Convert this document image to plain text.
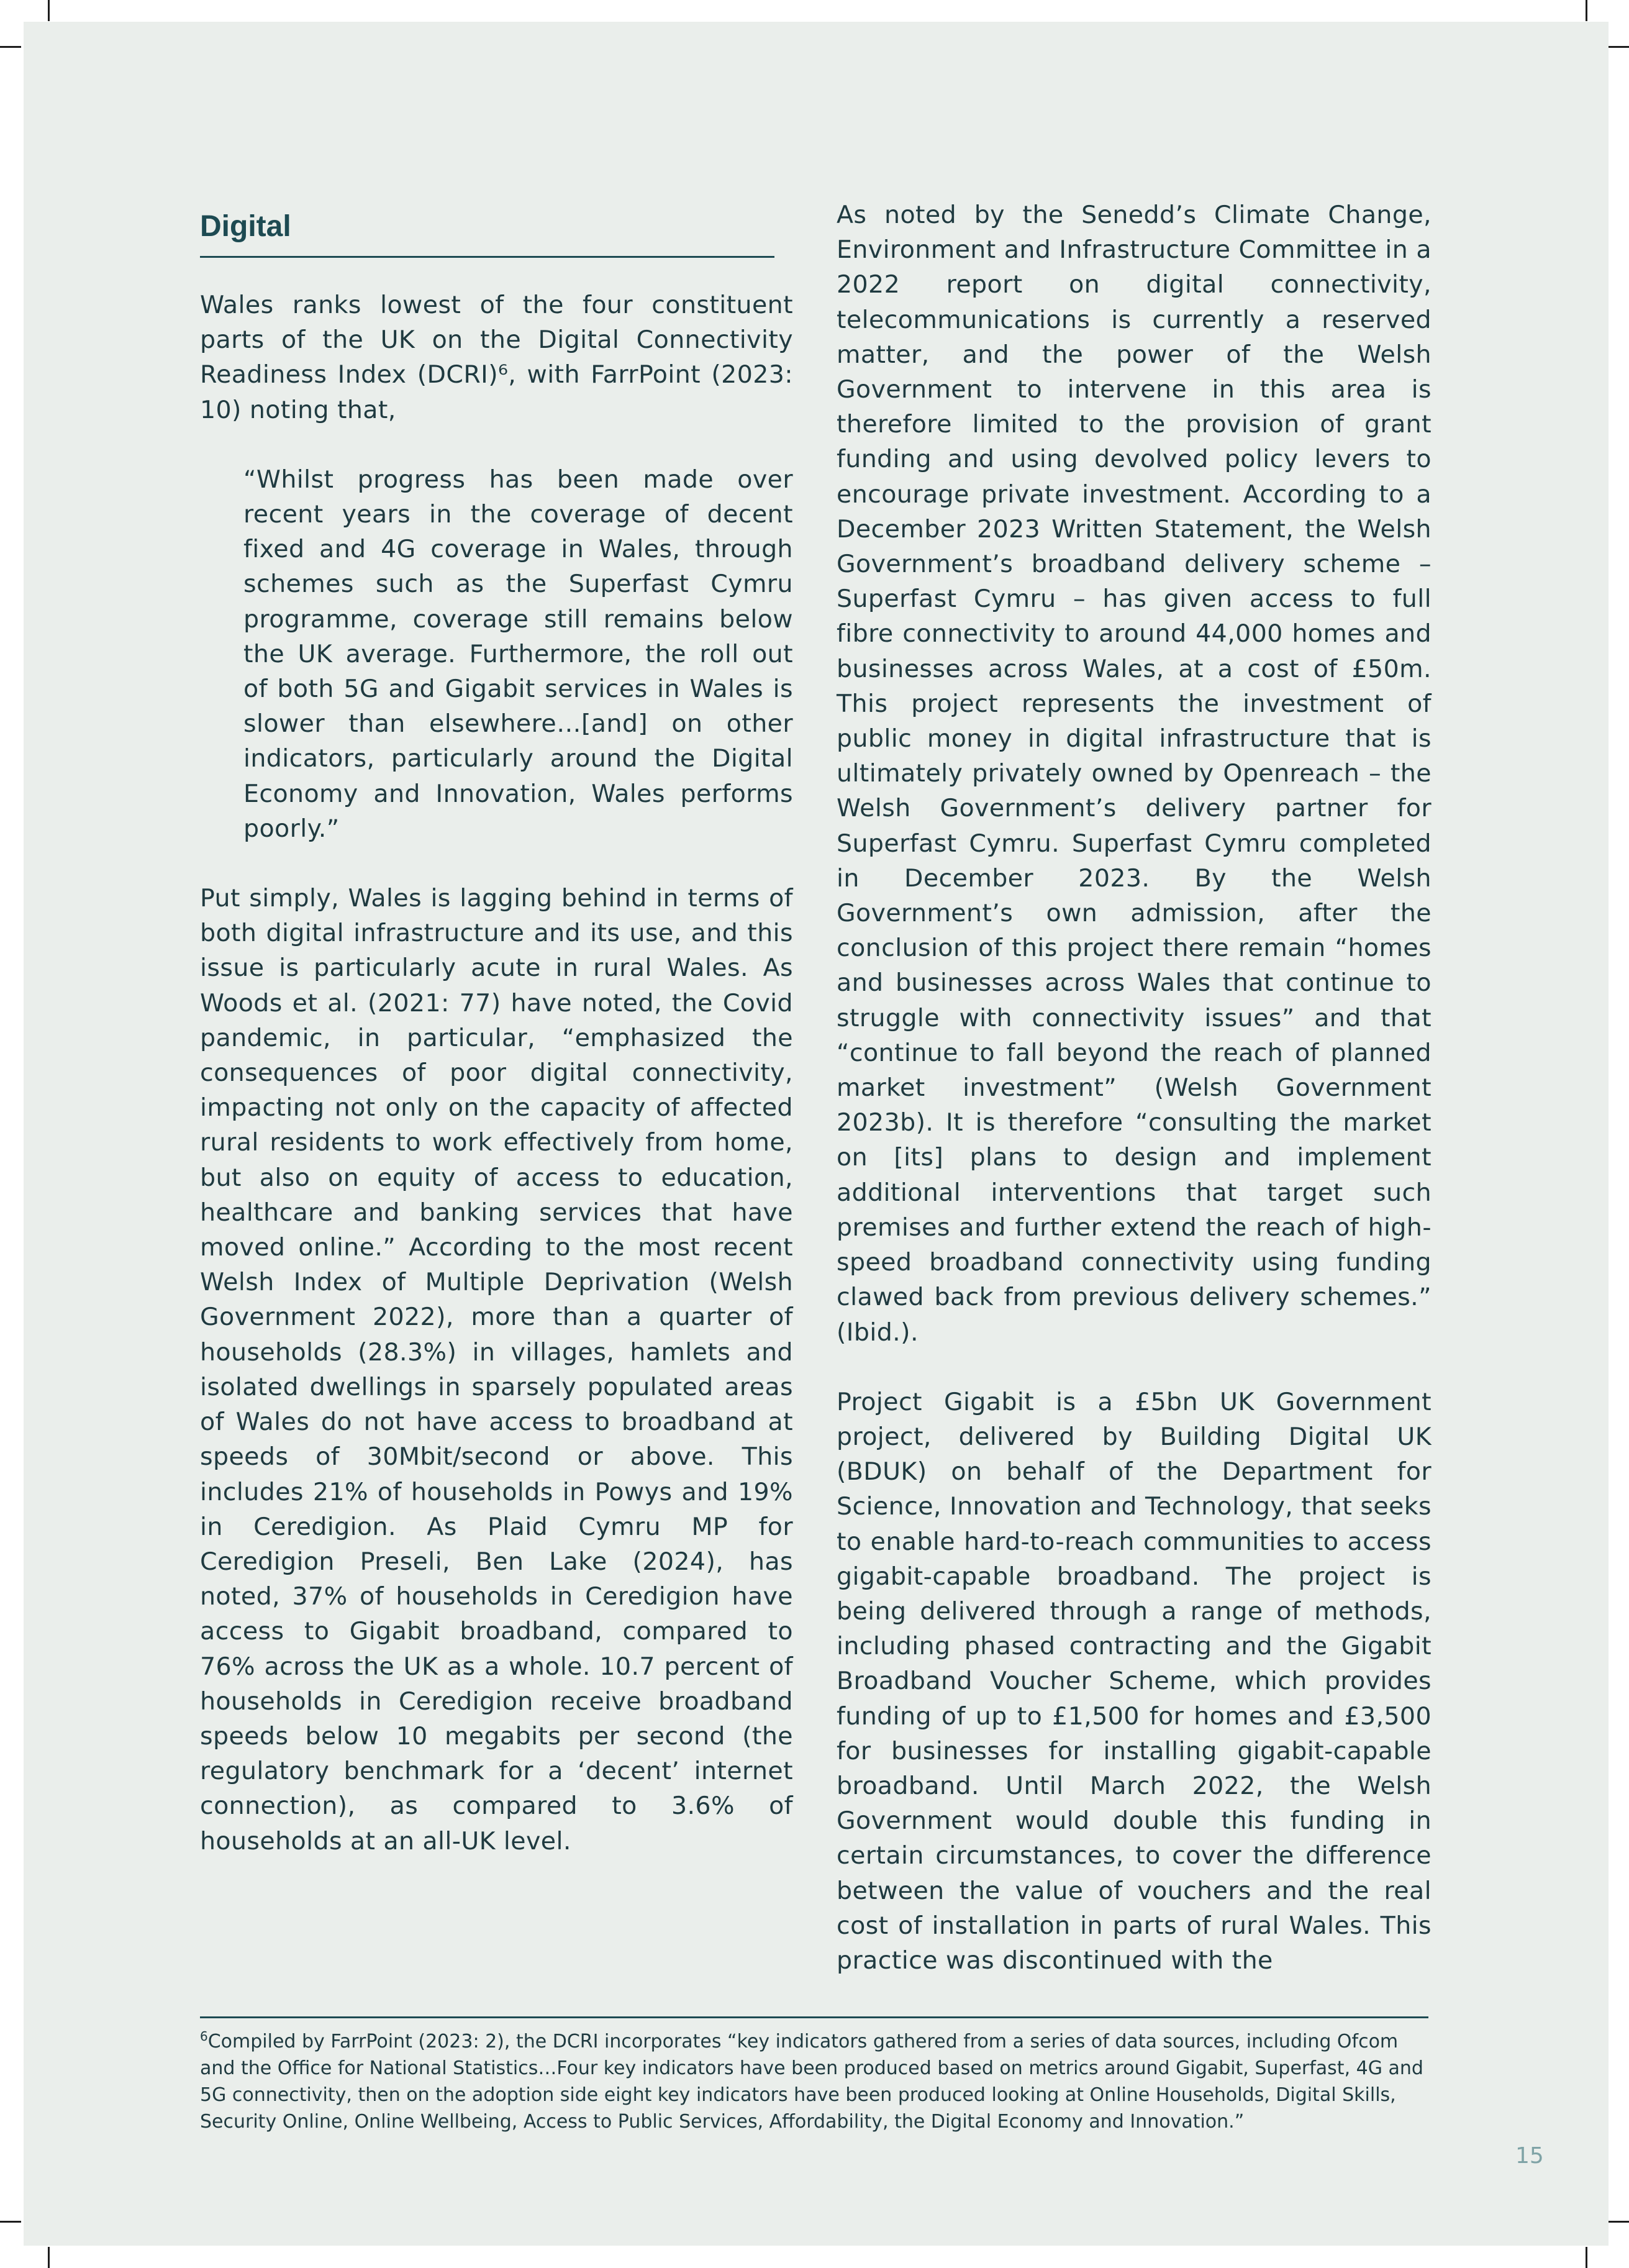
Digital

Wales ranks lowest of the four constituent parts of the UK on the Digital Connectivity Readiness Index (DCRI)⁶, with FarrPoint (2023: 10) noting that,

“Whilst progress has been made over recent years in the coverage of decent fixed and 4G coverage in Wales, through schemes such as the Superfast Cymru programme, coverage still remains below the UK average. Furthermore, the roll out of both 5G and Gigabit services in Wales is slower than elsewhere…[and] on other indicators, particularly around the Digital Economy and Innovation, Wales performs poorly.”

Put simply, Wales is lagging behind in terms of both digital infrastructure and its use, and this issue is particularly acute in rural Wales. As Woods et al. (2021: 77) have noted, the Covid pandemic, in particular, “emphasized the consequences of poor digital connectivity, impacting not only on the capacity of affected rural residents to work effectively from home, but also on equity of access to education, healthcare and banking services that have moved online.” According to the most recent Welsh Index of Multiple Deprivation (Welsh Government 2022), more than a quarter of households (28.3%) in villages, hamlets and isolated dwellings in sparsely populated areas of Wales do not have access to broadband at speeds of 30Mbit/second or above. This includes 21% of households in Powys and 19% in Ceredigion. As Plaid Cymru MP for Ceredigion Preseli, Ben Lake (2024), has noted, 37% of households in Ceredigion have access to Gigabit broadband, compared to 76% across the UK as a whole. 10.7 percent of households in Ceredigion receive broadband speeds below 10 megabits per second (the regulatory benchmark for a ‘decent’ internet connection), as compared to 3.6% of households at an all-UK level.

As noted by the Senedd’s Climate Change, Environment and Infrastructure Committee in a 2022 report on digital connectivity, telecommunications is currently a reserved matter, and the power of the Welsh Government to intervene in this area is therefore limited to the provision of grant funding and using devolved policy levers to encourage private investment. According to a December 2023 Written Statement, the Welsh Government’s broadband delivery scheme – Superfast Cymru – has given access to full fibre connectivity to around 44,000 homes and businesses across Wales, at a cost of £50m. This project represents the investment of public money in digital infrastructure that is ultimately privately owned by Openreach – the Welsh Government’s delivery partner for Superfast Cymru. Superfast Cymru completed in December 2023. By the Welsh Government’s own admission, after the conclusion of this project there remain “homes and businesses across Wales that continue to struggle with connectivity issues” and that “continue to fall beyond the reach of planned market investment” (Welsh Government 2023b). It is therefore “consulting the market on [its] plans to design and implement additional interventions that target such premises and further extend the reach of high-speed broadband connectivity using funding clawed back from previous delivery schemes.” (Ibid.).

Project Gigabit is a £5bn UK Government project, delivered by Building Digital UK (BDUK) on behalf of the Department for Science, Innovation and Technology, that seeks to enable hard-to-reach communities to access gigabit-capable broadband. The project is being delivered through a range of methods, including phased contracting and the Gigabit Broadband Voucher Scheme, which provides funding of up to £1,500 for homes and £3,500 for businesses for installing gigabit-capable broadband. Until March 2022, the Welsh Government would double this funding in certain circumstances, to cover the difference between the value of vouchers and the real cost of installation in parts of rural Wales. This practice was discontinued with the

$^6$Compiled by FarrPoint (2023: 2), the DCRI incorporates “key indicators gathered from a series of data sources, including Ofcom and the Office for National Statistics…Four key indicators have been produced based on metrics around Gigabit, Superfast, 4G and 5G connectivity, then on the adoption side eight key indicators have been produced looking at Online Households, Digital Skills, Security Online, Online Wellbeing, Access to Public Services, Affordability, the Digital Economy and Innovation.”

15
